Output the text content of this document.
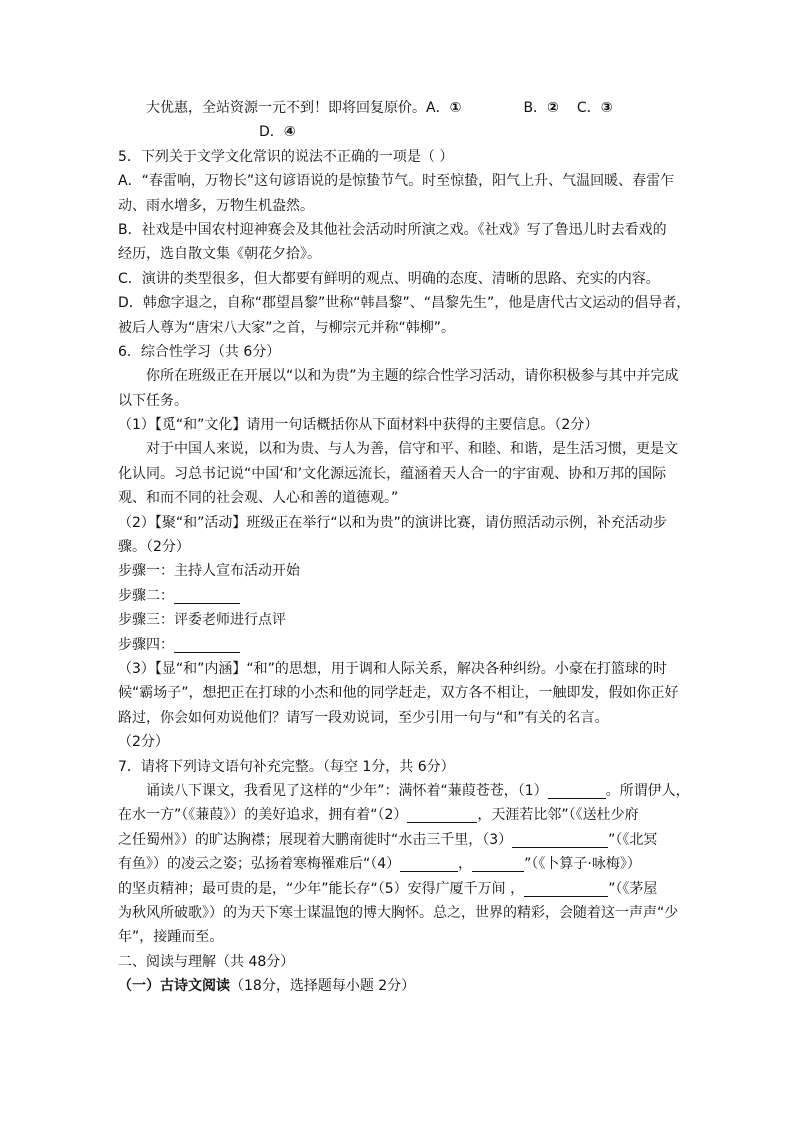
大优惠，全站资源一元不到！即将回复原价。A．①	B．② C．③
D．④
5．下列关于文学文化常识的说法不正确的一项是（ ）
A．“春雷响，万物长”这句谚语说的是惊蛰节气。时至惊蛰，阳气上升、气温回暖、春雷乍
动、雨水增多，万物生机盎然。
B．社戏是中国农村迎神赛会及其他社会活动时所演之戏。《社戏》写了鲁迅儿时去看戏的
经历，选自散文集《朝花夕拾》。
C．演讲的类型很多，但大都要有鲜明的观点、明确的态度、清晰的思路、充实的内容。
D．韩愈字退之，自称“郡望昌黎”世称“韩昌黎”、“昌黎先生”，他是唐代古文运动的倡导者，
被后人尊为“唐宋八大家”之首，与柳宗元并称“韩柳”。
6．综合性学习（共 6分）
你所在班级正在开展以“以和为贵”为主题的综合性学习活动，请你积极参与其中并完成
以下任务。
（1）【觅“和”文化】请用一句话概括你从下面材料中获得的主要信息。（2分）
对于中国人来说，以和为贵、与人为善，信守和平、和睦、和谐，是生活习惯，更是文
化认同。习总书记说“中国‘和’文化源远流长，蕴涵着天人合一的宇宙观、协和万邦的国际
观、和而不同的社会观、人心和善的道德观。”
（2）【聚“和”活动】班级正在举行“以和为贵”的演讲比赛，请仿照活动示例，补充活动步
骤。（2分）
步骤一：主持人宣布活动开始
步骤二：
步骤三：评委老师进行点评
步骤四：
（3）【显“和”内涵】“和”的思想，用于调和人际关系，解决各种纠纷。小豪在打篮球的时
候“霸场子”，想把正在打球的小杰和他的同学赶走，双方各不相让，一触即发，假如你正好
路过，你会如何劝说他们？请写一段劝说词，至少引用一句与“和”有关的名言。
（2分）
7．请将下列诗文语句补充完整。（每空 1分，共 6分）
诵读八下课文，我看见了这样的“少年”：满怀着“蒹葭苍苍，（1）	。所谓伊人，
在水一方”（《蒹葭》）的美好追求，拥有着“（2）	，天涯若比邻”（《送杜少府
之任蜀州》）的旷达胸襟；展现着大鹏南徙时“水击三千里，（3）	”（《北冥
有鱼》）的凌云之姿；弘扬着寒梅罹难后“（4）	，	”（《卜算子·咏梅》）
的坚贞精神；最可贵的是，“少年”能长存“（5）安得广厦千万间 ，	”（《茅屋
为秋风所破歌》）的为天下寒士谋温饱的博大胸怀。总之，世界的精彩，会随着这一声声“少
年”，接踵而至。
二、阅读与理解（共 48分）
（一）古诗文阅读（18分，选择题每小题 2分）
